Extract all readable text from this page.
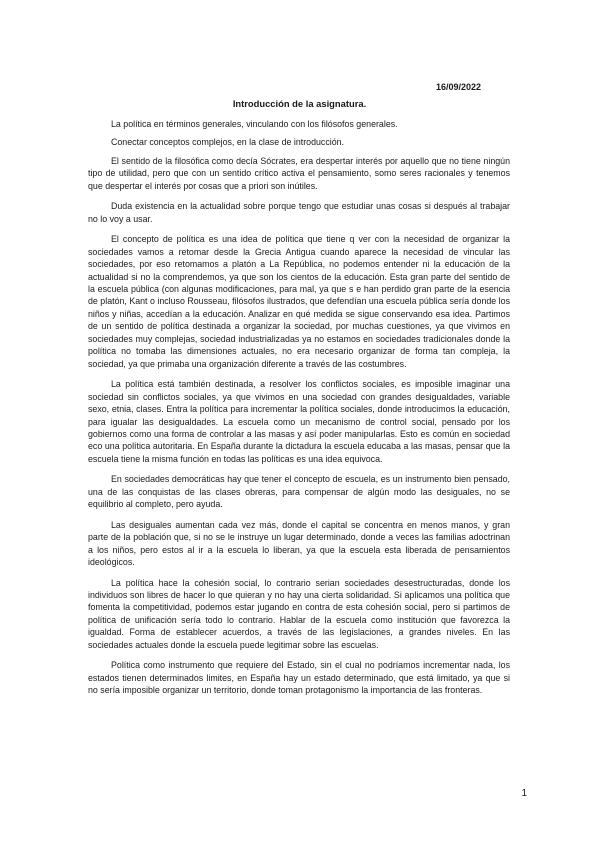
16/09/2022

Introducción de la asignatura.

La política en términos generales, vinculando con los filósofos generales.

Conectar conceptos complejos, en la clase de introducción.

El sentido de la filosófica como decía Sócrates, era despertar interés por aquello que no tiene ningún tipo de utilidad, pero que con un sentido crítico activa el pensamiento, somo seres racionales y tenemos que despertar el interés por cosas que a priori son inútiles.

Duda existencia en la actualidad sobre porque tengo que estudiar unas cosas si después al trabajar no lo voy a usar.

El concepto de política es una idea de política que tiene q ver con la necesidad de organizar la sociedades vamos a retomar desde la Grecia Antigua cuando aparece la necesidad de vincular las sociedades, por eso retomamos a platón a La República, no podemos entender ni la educación de la actualidad si no la comprendemos, ya que son los cientos de la educación. Esta gran parte del sentido de la escuela pública (con algunas modificaciones, para mal, ya que s e han perdido gran parte de la esencia de platón, Kant o incluso Rousseau, filósofos ilustrados, que defendían una escuela pública sería donde los niños y niñas, accedían a la educación. Analizar en qué medida se sigue conservando esa idea. Partimos de un sentido de política destinada a organizar la sociedad, por muchas cuestiones, ya que vivimos en sociedades muy complejas, sociedad industrializadas ya no estamos en sociedades tradicionales donde la política no tomaba las dimensiones actuales, no era necesario organizar de forma tan compleja, la sociedad, ya que primaba una organización diferente a través de las costumbres.

La política está también destinada, a resolver los conflictos sociales, es imposible imaginar una sociedad sin conflictos sociales, ya que vivimos en una sociedad con grandes desigualdades, variable sexo, etnia, clases. Entra la política para incrementar la política sociales, donde introducimos la educación, para igualar las desigualdades. La escuela como un mecanismo de control social, pensado por los gobiernos como una forma de controlar a las masas y así poder manipularlas. Esto es común en sociedad eco una política autoritaria. En España durante la dictadura la escuela educaba a las masas, pensar que la escuela tiene la misma función en todas las políticas es una idea equivoca.

En sociedades democráticas hay que tener el concepto de escuela, es un instrumento bien pensado, una de las conquistas de las clases obreras, para compensar de algún modo las desiguales, no se equilibrio al completo, pero ayuda.

Las desiguales aumentan cada vez más, donde el capital se concentra en menos manos, y gran parte de la población que, si no se le instruye un lugar determinado, donde a veces las familias adoctrinan a los niños, pero estos al ir a la escuela lo liberan, ya que la escuela esta liberada de pensamientos ideológicos.

La política hace la cohesión social, lo contrario serian sociedades desestructuradas, donde los individuos son libres de hacer lo que quieran y no hay una cierta solidaridad. Si aplicamos una política que fomenta la competitividad, podemos estar jugando en contra de esta cohesión social, pero si partimos de política de unificación sería todo lo contrario. Hablar de la escuela como institución que favorezca la igualdad. Forma de establecer acuerdos, a través de las legislaciones, a grandes niveles. En las sociedades actuales donde la escuela puede legitimar sobre las escuelas.

Política como instrumento que requiere del Estado, sin el cual no podríamos incrementar nada, los estados tienen determinados limites, en España hay un estado determinado, que está limitado, ya que si no sería imposible organizar un territorio, donde toman protagonismo la importancia de las fronteras.

1
